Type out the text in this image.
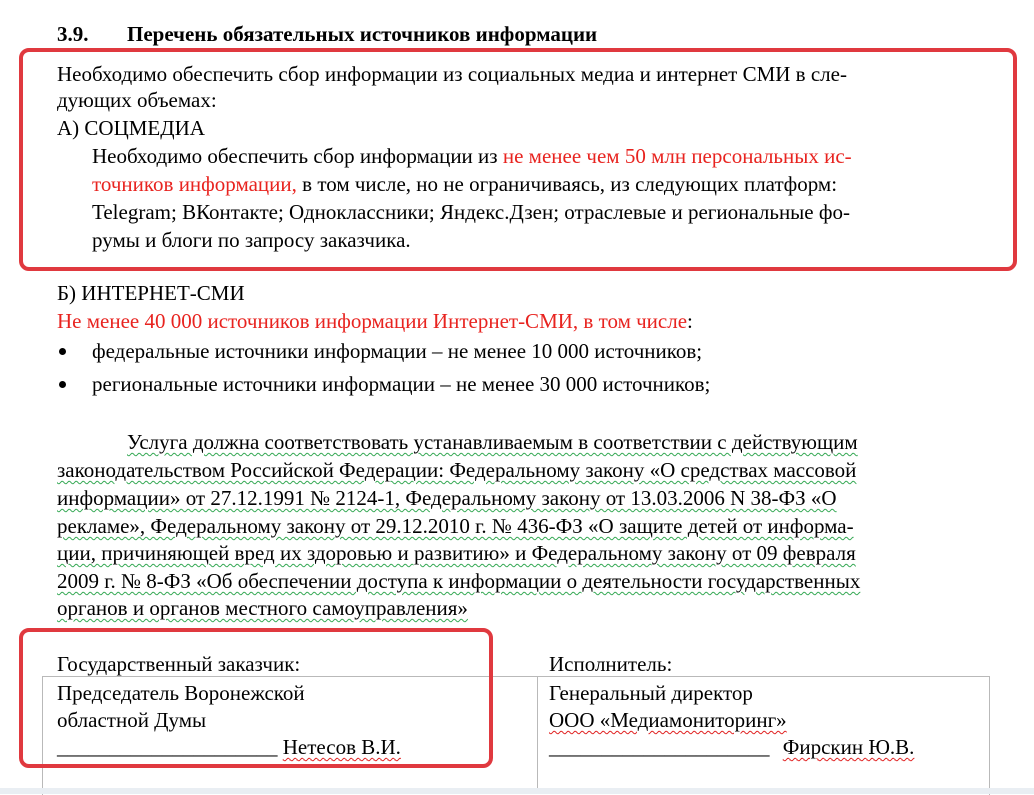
3.9. Перечень обязательных источников информации
Необходимо обеспечить сбор информации из социальных медиа и интернет СМИ в сле-
дующих объемах:
А) СОЦМЕДИА
Необходимо обеспечить сбор информации из не менее чем 50 млн персональных ис-
точников информации, в том числе, но не ограничиваясь, из следующих платформ:
Telegram; ВКонтакте; Одноклассники; Яндекс.Дзен; отраслевые и региональные фо-
румы и блоги по запросу заказчика.
Б) ИНТЕРНЕТ-СМИ
Не менее 40 000 источников информации Интернет-СМИ, в том числе:
федеральные источники информации – не менее 10 000 источников;
региональные источники информации – не менее 30 000 источников;
Услуга должна соответствовать устанавливаемым в соответствии с действующим
законодательством Российской Федерации: Федеральному закону «О средствах массовой
информации» от 27.12.1991 № 2124-1, Федеральному закону от 13.03.2006 N 38-ФЗ «О
рекламе», Федеральному закону от 29.12.2010 г. № 436-ФЗ «О защите детей от информа-
ции, причиняющей вред их здоровью и развитию» и Федеральному закону от 09 февраля
2009 г. № 8-ФЗ «Об обеспечении доступа к информации о деятельности государственных
органов и органов местного самоуправления»
Государственный заказчик:	Исполнитель:
Председатель Воронежской
областной Думы
_____________________ Нетесов В.И.
Генеральный директор
ООО «Медиамониторинг»
_____________________ Фирскин Ю.В.
